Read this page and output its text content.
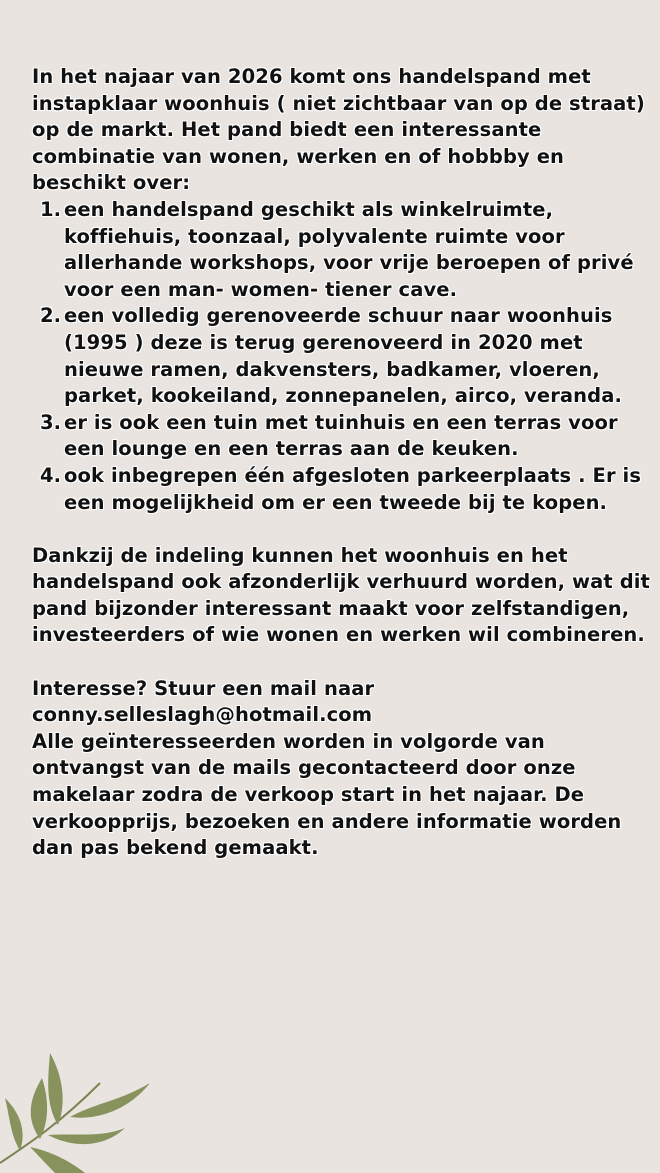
In het najaar van 2026 komt ons handelspand met instapklaar woonhuis ( niet zichtbaar van op de straat) op de markt. Het pand biedt een interessante combinatie van wonen, werken en of hobbby en beschikt over:

1. een handelspand geschikt als winkelruimte, koffiehuis, toonzaal, polyvalente ruimte voor allerhande workshops, voor vrije beroepen of privé voor een man- women- tiener cave.
2. een volledig gerenoveerde schuur naar woonhuis (1995 ) deze is terug gerenoveerd in 2020 met nieuwe ramen, dakvensters, badkamer, vloeren, parket, kookeiland, zonnepanelen, airco, veranda.
3. er is ook een tuin met tuinhuis en een terras voor een lounge en een terras aan de keuken.
4. ook inbegrepen één afgesloten parkeerplaats . Er is een mogelijkheid om er een tweede bij te kopen.

Dankzij de indeling kunnen het woonhuis en het handelspand ook afzonderlijk verhuurd worden, wat dit pand bijzonder interessant maakt voor zelfstandigen, investeerders of wie wonen en werken wil combineren.

Interesse? Stuur een mail naar

conny.selleslagh@hotmail.com

Alle geïnteresseerden worden in volgorde van ontvangst van de mails gecontacteerd door onze makelaar zodra de verkoop start in het najaar. De verkoopprijs, bezoeken en andere informatie worden dan pas bekend gemaakt.
